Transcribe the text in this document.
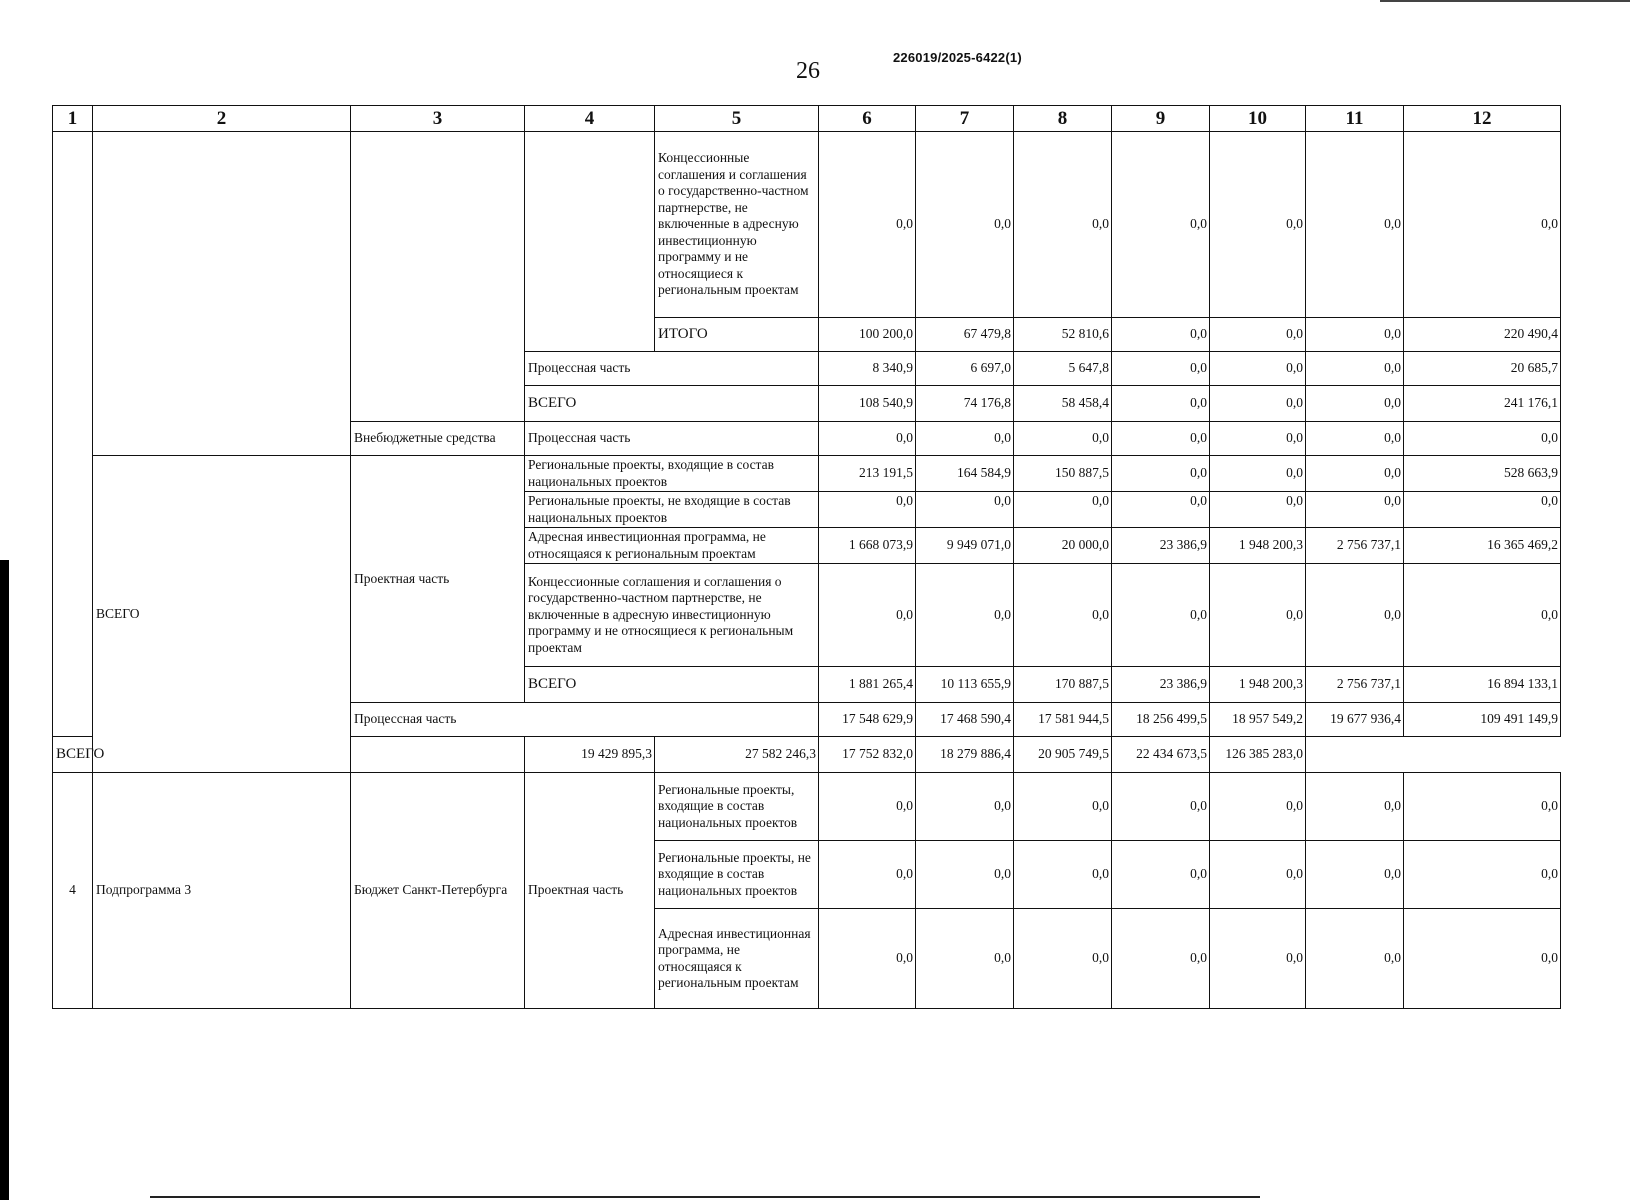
26
226019/2025-6422(1)
1	2	3	4	5	6	7	8	9	10	11	12
				Концессионные соглашения и соглашения о государственно-частном партнерстве, не включенные в адресную инвестиционную программу и не относящиеся к региональным проектам	0,0	0,0	0,0	0,0	0,0	0,0	0,0
				ИТОГО	100 200,0	67 479,8	52 810,6	0,0	0,0	0,0	220 490,4
			Процессная часть		8 340,9	6 697,0	5 647,8	0,0	0,0	0,0	20 685,7
			ВСЕГО		108 540,9	74 176,8	58 458,4	0,0	0,0	0,0	241 176,1
		Внебюджетные средства	Процессная часть		0,0	0,0	0,0	0,0	0,0	0,0	0,0
	ВСЕГО	Проектная часть	Региональные проекты, входящие в состав национальных проектов		213 191,5	164 584,9	150 887,5	0,0	0,0	0,0	528 663,9
			Региональные проекты, не входящие в состав национальных проектов		0,0	0,0	0,0	0,0	0,0	0,0	0,0
			Адресная инвестиционная программа, не относящаяся к региональным проектам		1 668 073,9	9 949 071,0	20 000,0	23 386,9	1 948 200,3	2 756 737,1	16 365 469,2
			Концессионные соглашения и соглашения о государственно-частном партнерстве, не включенные в адресную инвестиционную программу и не относящиеся к региональным проектам		0,0	0,0	0,0	0,0	0,0	0,0	0,0
			ВСЕГО		1 881 265,4	10 113 655,9	170 887,5	23 386,9	1 948 200,3	2 756 737,1	16 894 133,1
		Процессная часть			17 548 629,9	17 468 590,4	17 581 944,5	18 256 499,5	18 957 549,2	19 677 936,4	109 491 149,9
ВСЕГО			19 429 895,3	27 582 246,3	17 752 832,0	18 279 886,4	20 905 749,5	22 434 673,5	126 385 283,0		
4	Подпрограмма 3	Бюджет Санкт-Петербурга	Проектная часть	Региональные проекты, входящие в состав национальных проектов	0,0	0,0	0,0	0,0	0,0	0,0	0,0
				Региональные проекты, не входящие в состав национальных проектов	0,0	0,0	0,0	0,0	0,0	0,0	0,0
				Адресная инвестиционная программа, не относящаяся к региональным проектам	0,0	0,0	0,0	0,0	0,0	0,0	0,0
